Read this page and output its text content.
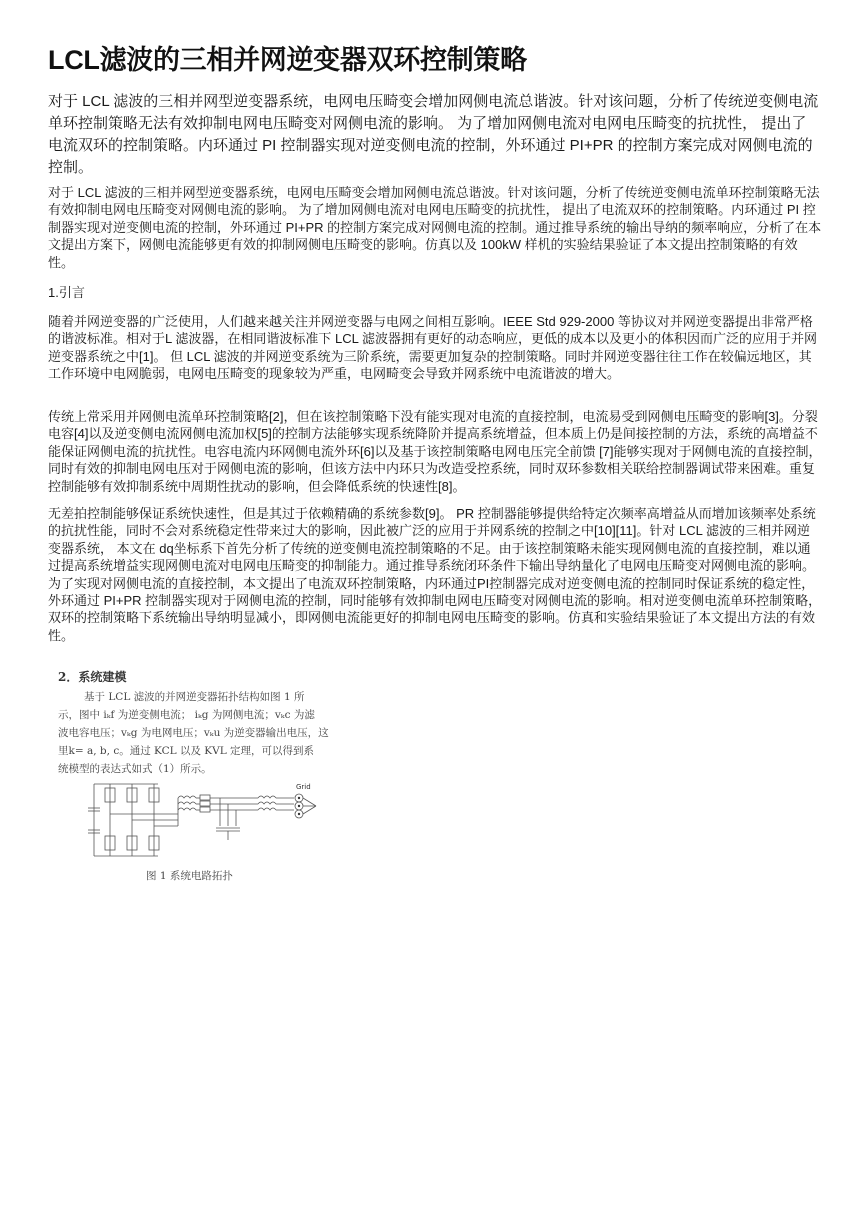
LCL滤波的三相并网逆变器双环控制策略

对于 LCL 滤波的三相并网型逆变器系统，电网电压畸变会增加网侧电流总谐波。针对该问题，分析了传统逆变侧电流单环控制策略无法有效抑制电网电压畸变对网侧电流的影响。 为了增加网侧电流对电网电压畸变的抗扰性， 提出了电流双环的控制策略。内环通过 PI 控制器实现对逆变侧电流的控制，外环通过 PI+PR 的控制方案完成对网侧电流的控制。

对于 LCL 滤波的三相并网型逆变器系统，电网电压畸变会增加网侧电流总谐波。针对该问题，分析了传统逆变侧电流单环控制策略无法有效抑制电网电压畸变对网侧电流的影响。 为了增加网侧电流对电网电压畸变的抗扰性， 提出了电流双环的控制策略。内环通过 PI 控制器实现对逆变侧电流的控制，外环通过 PI+PR 的控制方案完成对网侧电流的控制。通过推导系统的输出导纳的频率响应，分析了在本文提出方案下，网侧电流能够更有效的抑制网侧电压畸变的影响。仿真以及 100kW 样机的实验结果验证了本文提出控制策略的有效性。

1.引言

随着并网逆变器的广泛使用，人们越来越关注并网逆变器与电网之间相互影响。IEEE Std 929-2000 等协议对并网逆变器提出非常严格的谐波标准。相对于L 滤波器，在相同谐波标准下 LCL 滤波器拥有更好的动态响应，更低的成本以及更小的体积因而广泛的应用于并网逆变器系统之中[1]。 但 LCL 滤波的并网逆变系统为三阶系统，需要更加复杂的控制策略。同时并网逆变器往往工作在较偏远地区，其工作环境中电网脆弱，电网电压畸变的现象较为严重，电网畸变会导致并网系统中电流谐波的增大。

传统上常采用并网侧电流单环控制策略[2]，但在该控制策略下没有能实现对电流的直接控制，电流易受到网侧电压畸变的影响[3]。分裂电容[4]以及逆变侧电流网侧电流加权[5]的控制方法能够实现系统降阶并提高系统增益，但本质上仍是间接控制的方法，系统的高增益不能保证网侧电流的抗扰性。电容电流内环网侧电流外环[6]以及基于该控制策略电网电压完全前馈 [7]能够实现对于网侧电流的直接控制， 同时有效的抑制电网电压对于网侧电流的影响，但该方法中内环只为改造受控系统，同时双环参数相关联给控制器调试带来困难。重复控制能够有效抑制系统中周期性扰动的影响，但会降低系统的快速性[8]。

无差拍控制能够保证系统快速性，但是其过于依赖精确的系统参数[9]。 PR 控制器能够提供给特定次频率高增益从而增加该频率处系统的抗扰性能，同时不会对系统稳定性带来过大的影响，因此被广泛的应用于并网系统的控制之中[10][11]。针对 LCL 滤波的三相并网逆变器系统， 本文在 dq坐标系下首先分析了传统的逆变侧电流控制策略的不足。由于该控制策略未能实现网侧电流的直接控制，难以通过提高系统增益实现网侧电流对电网电压畸变的抑制能力。通过推导系统闭环条件下输出导纳量化了电网电压畸变对网侧电流的影响。为了实现对网侧电流的直接控制，本文提出了电流双环控制策略，内环通过PI控制器完成对逆变侧电流的控制同时保证系统的稳定性，外环通过 PI+PR 控制器实现对于网侧电流的控制，同时能够有效抑制电网电压畸变对网侧电流的影响。相对逆变侧电流单环控制策略，双环的控制策略下系统输出导纳明显减小，即网侧电流能更好的抑制电网电压畸变的影响。仿真和实验结果验证了本文提出方法的有效性。

2．系统建模
基于 LCL 滤波的并网逆变器拓扑结构如图 1 所
示，图中 iₖf 为逆变侧电流； iₖg 为网侧电流；vₖc 为滤
波电容电压；vₖg 为电网电压；vₖu 为逆变器输出电压，这
里k= a, b, c。通过 KCL 以及 KVL 定理，可以得到系
统模型的表达式如式（1）所示。
Grid
图 1 系统电路拓扑
